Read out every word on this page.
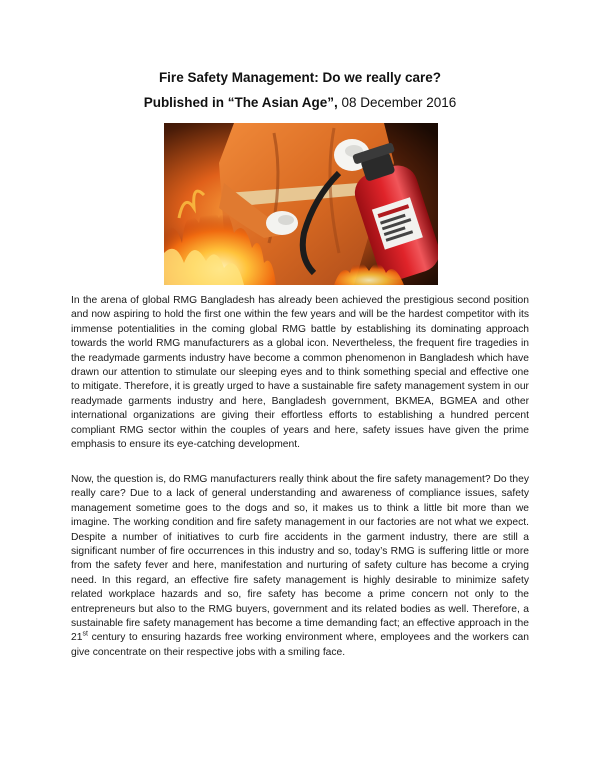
Fire Safety Management: Do we really care?
Published in “The Asian Age”, 08 December 2016

In the arena of global RMG Bangladesh has already been achieved the prestigious second position and now aspiring to hold the first one within the few years and will be the hardest competitor with its immense potentialities in the coming global RMG battle by establishing its dominating approach towards the world RMG manufacturers as a global icon. Nevertheless, the frequent fire tragedies in the readymade garments industry have become a common phenomenon in Bangladesh which have drawn our attention to stimulate our sleeping eyes and to think something special and effective one to mitigate. Therefore, it is greatly urged to have a sustainable fire safety management system in our readymade garments industry and here, Bangladesh government, BKMEA, BGMEA and other international organizations are giving their effortless efforts to establishing a hundred percent compliant RMG sector within the couples of years and here, safety issues have given the prime emphasis to ensure its eye-catching development.

Now, the question is, do RMG manufacturers really think about the fire safety management? Do they really care? Due to a lack of general understanding and awareness of compliance issues, safety management sometime goes to the dogs and so, it makes us to think a little bit more than we imagine. The working condition and fire safety management in our factories are not what we expect. Despite a number of initiatives to curb fire accidents in the garment industry, there are still a significant number of fire occurrences in this industry and so, today’s RMG is suffering little or more from the safety fever and here, manifestation and nurturing of safety culture has become a crying need. In this regard, an effective fire safety management is highly desirable to minimize safety related workplace hazards and so, fire safety has become a prime concern not only to the entrepreneurs but also to the RMG buyers, government and its related bodies as well. Therefore, a sustainable fire safety management has become a time demanding fact; an effective approach in the 21st century to ensuring hazards free working environment where, employees and the workers can give concentrate on their respective jobs with a smiling face.
